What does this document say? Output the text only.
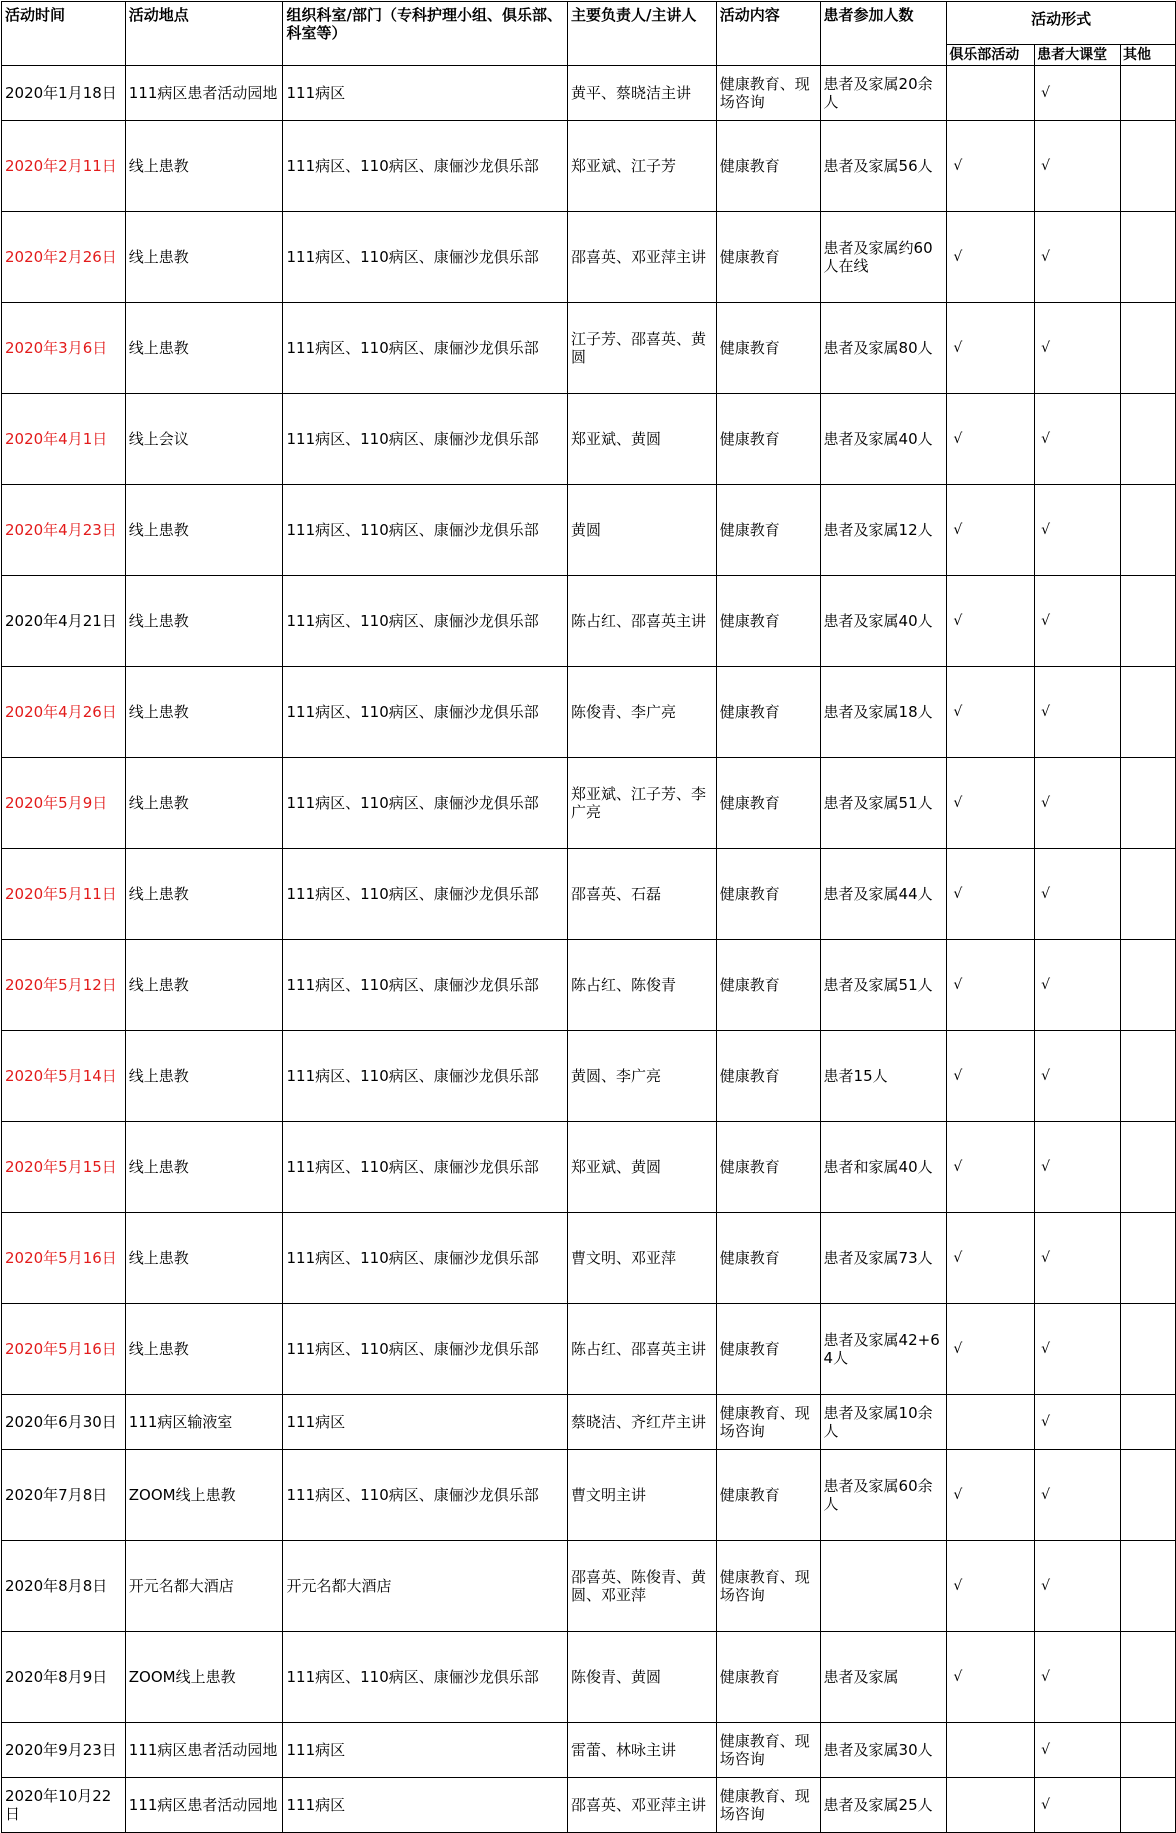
活动时间	活动地点	组织科室/部门（专科护理小组、俱乐部、科室等）	主要负责人/主讲人	活动内容	患者参加人数	活动形式		
						俱乐部活动	患者大课堂	其他
2020年1月18日	111病区患者活动园地	111病区	黄平、蔡晓洁主讲	健康教育、现场咨询	患者及家属20余人		√	
2020年2月11日	线上患教	111病区、110病区、康俪沙龙俱乐部	郑亚斌、江子芳	健康教育	患者及家属56人	√	√	
2020年2月26日	线上患教	111病区、110病区、康俪沙龙俱乐部	邵喜英、邓亚萍主讲	健康教育	患者及家属约60人在线	√	√	
2020年3月6日	线上患教	111病区、110病区、康俪沙龙俱乐部	江子芳、邵喜英、黄圆	健康教育	患者及家属80人	√	√	
2020年4月1日	线上会议	111病区、110病区、康俪沙龙俱乐部	郑亚斌、黄圆	健康教育	患者及家属40人	√	√	
2020年4月23日	线上患教	111病区、110病区、康俪沙龙俱乐部	黄圆	健康教育	患者及家属12人	√	√	
2020年4月21日	线上患教	111病区、110病区、康俪沙龙俱乐部	陈占红、邵喜英主讲	健康教育	患者及家属40人	√	√	
2020年4月26日	线上患教	111病区、110病区、康俪沙龙俱乐部	陈俊青、李广亮	健康教育	患者及家属18人	√	√	
2020年5月9日	线上患教	111病区、110病区、康俪沙龙俱乐部	郑亚斌、江子芳、李广亮	健康教育	患者及家属51人	√	√	
2020年5月11日	线上患教	111病区、110病区、康俪沙龙俱乐部	邵喜英、石磊	健康教育	患者及家属44人	√	√	
2020年5月12日	线上患教	111病区、110病区、康俪沙龙俱乐部	陈占红、陈俊青	健康教育	患者及家属51人	√	√	
2020年5月14日	线上患教	111病区、110病区、康俪沙龙俱乐部	黄圆、李广亮	健康教育	患者15人	√	√	
2020年5月15日	线上患教	111病区、110病区、康俪沙龙俱乐部	郑亚斌、黄圆	健康教育	患者和家属40人	√	√	
2020年5月16日	线上患教	111病区、110病区、康俪沙龙俱乐部	曹文明、邓亚萍	健康教育	患者及家属73人	√	√	
2020年5月16日	线上患教	111病区、110病区、康俪沙龙俱乐部	陈占红、邵喜英主讲	健康教育	患者及家属42+64人	√	√	
2020年6月30日	111病区输液室	111病区	蔡晓洁、齐红芹主讲	健康教育、现场咨询	患者及家属10余人		√	
2020年7月8日	ZOOM线上患教	111病区、110病区、康俪沙龙俱乐部	曹文明主讲	健康教育	患者及家属60余人	√	√	
2020年8月8日	开元名都大酒店	开元名都大酒店	邵喜英、陈俊青、黄圆、邓亚萍	健康教育、现场咨询		√	√	
2020年8月9日	ZOOM线上患教	111病区、110病区、康俪沙龙俱乐部	陈俊青、黄圆	健康教育	患者及家属	√	√	
2020年9月23日	111病区患者活动园地	111病区	雷蕾、林咏主讲	健康教育、现场咨询	患者及家属30人		√	
2020年10月22日	111病区患者活动园地	111病区	邵喜英、邓亚萍主讲	健康教育、现场咨询	患者及家属25人		√	
